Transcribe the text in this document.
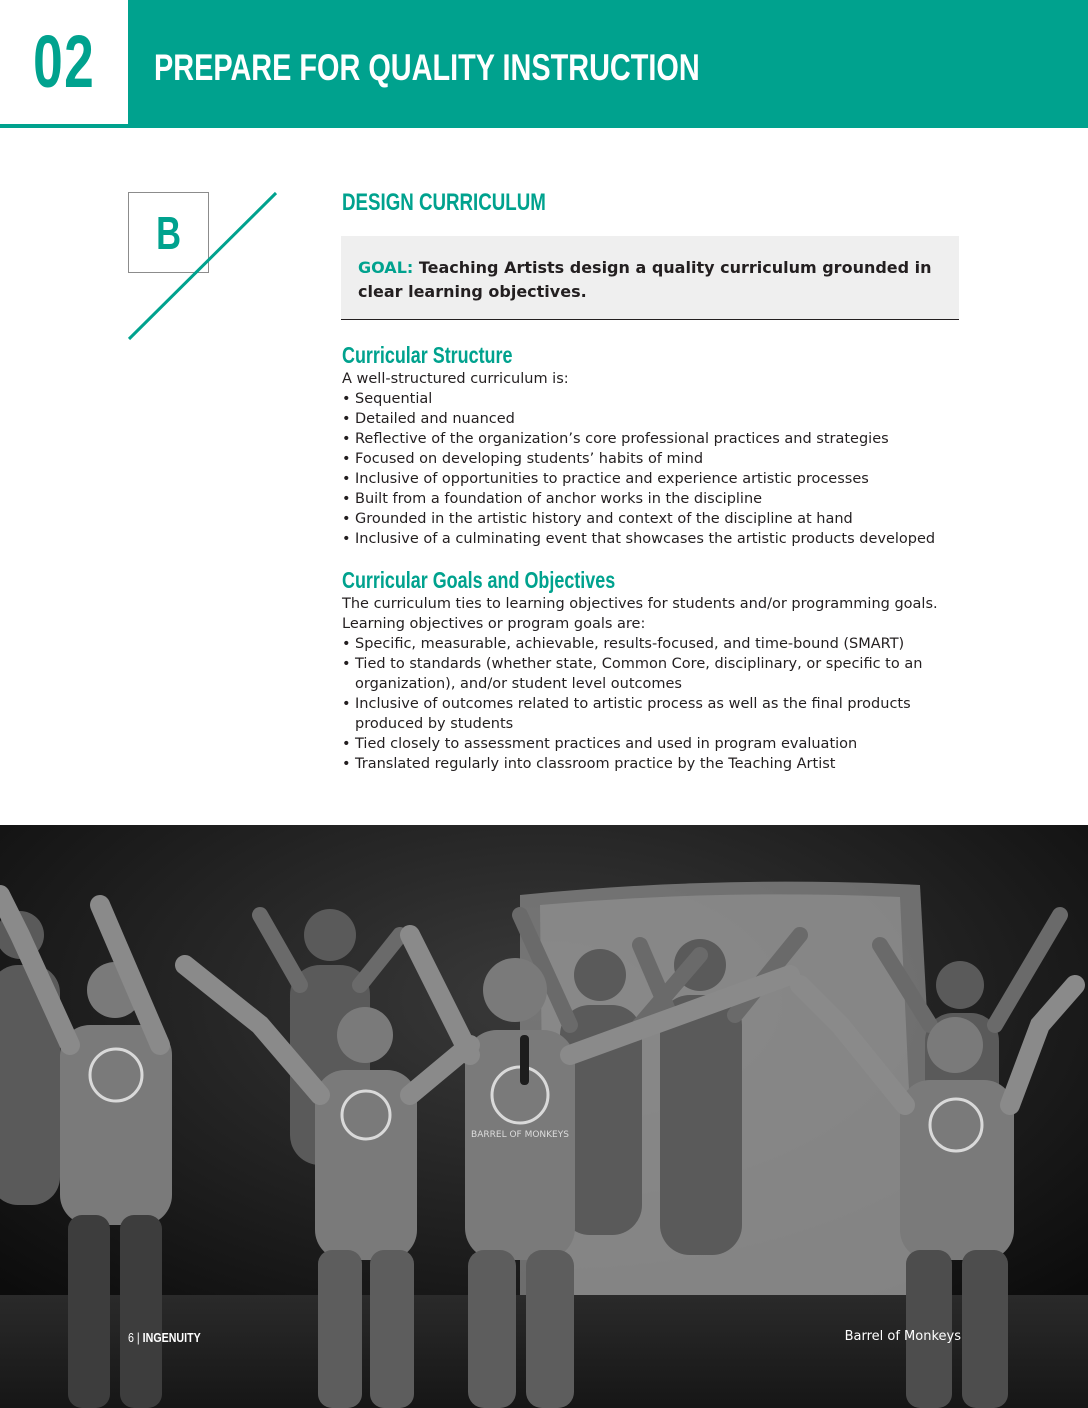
02 PREPARE FOR QUALITY INSTRUCTION
B
DESIGN CURRICULUM

GOAL: Teaching Artists design a quality curriculum grounded in clear learning objectives.

Curricular Structure

A well-structured curriculum is:

• Sequential
• Detailed and nuanced
• Reflective of the organization’s core professional practices and strategies
• Focused on developing students’ habits of mind
• Inclusive of opportunities to practice and experience artistic processes
• Built from a foundation of anchor works in the discipline
• Grounded in the artistic history and context of the discipline at hand
• Inclusive of a culminating event that showcases the artistic products developed
Curricular Goals and Objectives

The curriculum ties to learning objectives for students and/or programming goals.

Learning objectives or program goals are:

• Specific, measurable, achievable, results-focused, and time-bound (SMART)
• Tied to standards (whether state, Common Core, disciplinary, or specific to an organization), and/or student level outcomes
• Inclusive of outcomes related to artistic process as well as the final products produced by students
• Tied closely to assessment practices and used in program evaluation
• Translated regularly into classroom practice by the Teaching Artist
BARREL OF MONKEYS
6 | INGENUITY	Barrel of Monkeys
